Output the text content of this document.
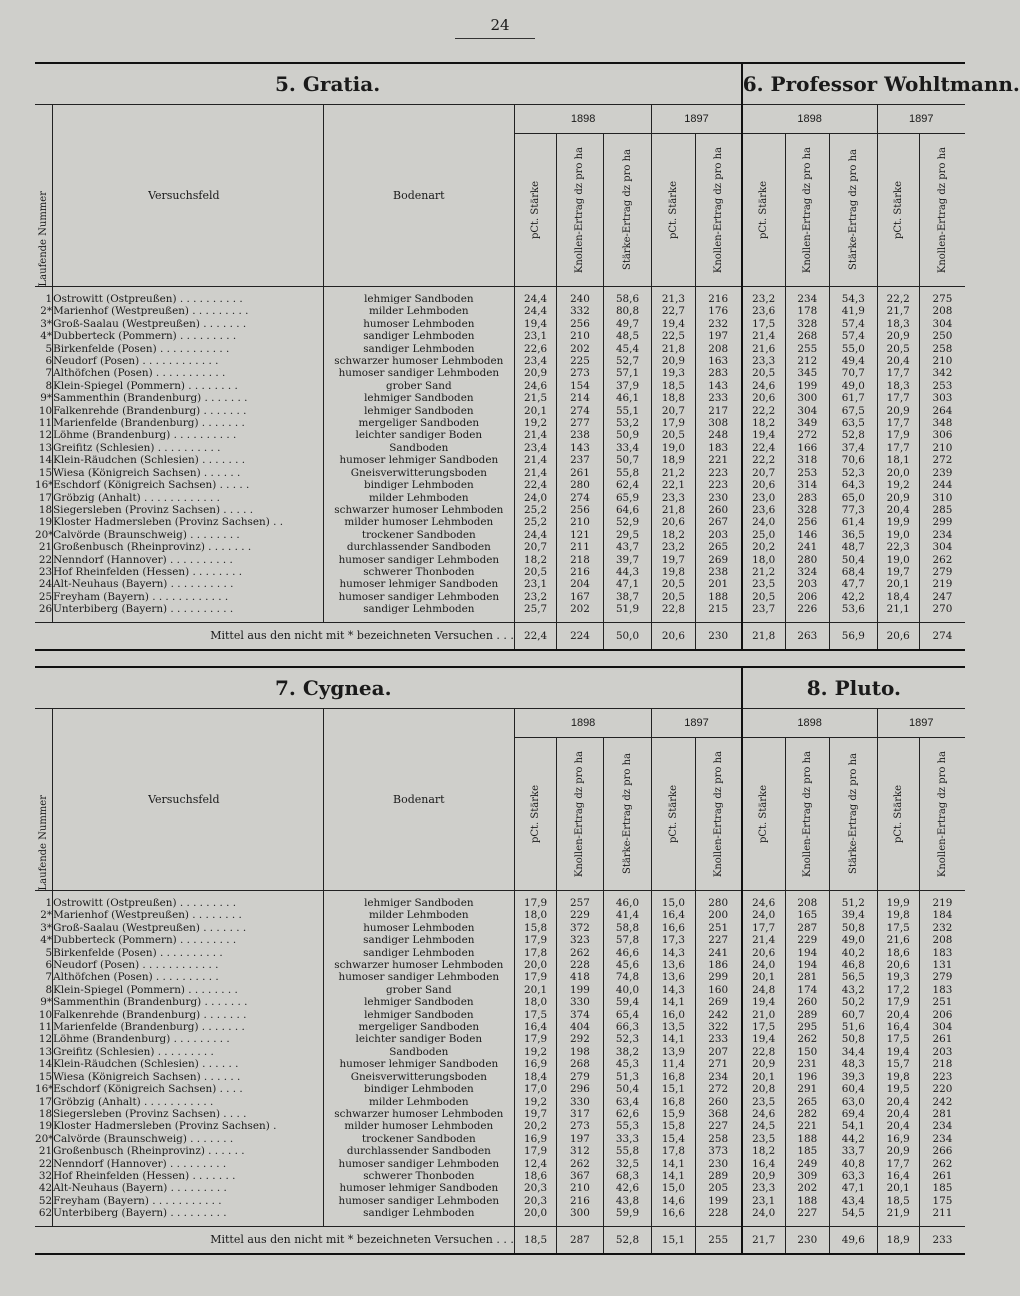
24
5. Gratia.								6. Professor Wohltmann.				

Laufende Nummer	Versuchsfeld	Bodenart	1898			1897		1898			1897	

			pCt. Stärke	Knollen-Ertrag dz pro ha	Stärke-Ertrag dz pro ha	pCt. Stärke	Knollen-Ertrag dz pro ha	pCt. Stärke	Knollen-Ertrag dz pro ha	Stärke-Ertrag dz pro ha	pCt. Stärke	Knollen-Ertrag dz pro ha

1	Ostrowitt (Ostpreußen) . . . . . . . . . .	lehmiger Sandboden	24,4	240	58,6	21,3	216	23,2	234	54,3	22,2	275
2*	Marienhof (Westpreußen) . . . . . . . . .	milder Lehmboden	24,4	332	80,8	22,7	176	23,6	178	41,9	21,7	208
3*	Groß-Saalau (Westpreußen) . . . . . . .	humoser Lehmboden	19,4	256	49,7	19,4	232	17,5	328	57,4	18,3	304
4*	Dubberteck (Pommern) . . . . . . . . .	sandiger Lehmboden	23,1	210	48,5	22,5	197	21,4	268	57,4	20,9	250
5	Birkenfelde (Posen) . . . . . . . . . . .	sandiger Lehmboden	22,6	202	45,4	21,8	208	21,6	255	55,0	20,5	258
6	Neudorf (Posen) . . . . . . . . . . . .	schwarzer humoser Lehmboden	23,4	225	52,7	20,9	163	23,3	212	49,4	20,4	210
7	Althöfchen (Posen) . . . . . . . . . . .	humoser sandiger Lehmboden	20,9	273	57,1	19,3	283	20,5	345	70,7	17,7	342
8	Klein-Spiegel (Pommern) . . . . . . . .	grober Sand	24,6	154	37,9	18,5	143	24,6	199	49,0	18,3	253
9*	Sammenthin (Brandenburg) . . . . . . .	lehmiger Sandboden	21,5	214	46,1	18,8	233	20,6	300	61,7	17,7	303
10	Falkenrehde (Brandenburg) . . . . . . .	lehmiger Sandboden	20,1	274	55,1	20,7	217	22,2	304	67,5	20,9	264
11	Marienfelde (Brandenburg) . . . . . . .	mergeliger Sandboden	19,2	277	53,2	17,9	308	18,2	349	63,5	17,7	348
12	Löhme (Brandenburg) . . . . . . . . . .	leichter sandiger Boden	21,4	238	50,9	20,5	248	19,4	272	52,8	17,9	306
13	Greifitz (Schlesien) . . . . . . . . . .	Sandboden	23,4	143	33,4	19,0	183	22,4	166	37,4	17,7	210
14	Klein-Räudchen (Schlesien) . . . . . . .	humoser lehmiger Sandboden	21,4	237	50,7	18,9	221	22,2	318	70,6	18,1	272
15	Wiesa (Königreich Sachsen) . . . . . .	Gneisverwitterungsboden	21,4	261	55,8	21,2	223	20,7	253	52,3	20,0	239
16*	Eschdorf (Königreich Sachsen) . . . . .	bindiger Lehmboden	22,4	280	62,4	22,1	223	20,6	314	64,3	19,2	244
17	Gröbzig (Anhalt) . . . . . . . . . . . .	milder Lehmboden	24,0	274	65,9	23,3	230	23,0	283	65,0	20,9	310
18	Siegersleben (Provinz Sachsen) . . . . .	schwarzer humoser Lehmboden	25,2	256	64,6	21,8	260	23,6	328	77,3	20,4	285
19	Kloster Hadmersleben (Provinz Sachsen) . .	milder humoser Lehmboden	25,2	210	52,9	20,6	267	24,0	256	61,4	19,9	299
20*	Calvörde (Braunschweig) . . . . . . . .	trockener Sandboden	24,4	121	29,5	18,2	203	25,0	146	36,5	19,0	234
21	Großenbusch (Rheinprovinz) . . . . . . .	durchlassender Sandboden	20,7	211	43,7	23,2	265	20,2	241	48,7	22,3	304
22	Nenndorf (Hannover) . . . . . . . . . .	humoser sandiger Lehmboden	18,2	218	39,7	19,7	269	18,0	280	50,4	19,0	262
23	Hof Rheinfelden (Hessen) . . . . . . . .	schwerer Thonboden	20,5	216	44,3	19,8	238	21,2	324	68,4	19,7	279
24	Alt-Neuhaus (Bayern) . . . . . . . . . .	humoser lehmiger Sandboden	23,1	204	47,1	20,5	201	23,5	203	47,7	20,1	219
25	Freyham (Bayern) . . . . . . . . . . . .	humoser sandiger Lehmboden	23,2	167	38,7	20,5	188	20,5	206	42,2	18,4	247
26	Unterbiberg (Bayern) . . . . . . . . . .	sandiger Lehmboden	25,7	202	51,9	22,8	215	23,7	226	53,6	21,1	270

Mittel aus den nicht mit * bezeichneten Versuchen . . .			22,4	224	50,0	20,6	230	21,8	263	56,9	20,6	274
7. Cygnea.								8. Pluto.				

Laufende Nummer	Versuchsfeld	Bodenart	1898			1897		1898			1897	

			pCt. Stärke	Knollen-Ertrag dz pro ha	Stärke-Ertrag dz pro ha	pCt. Stärke	Knollen-Ertrag dz pro ha	pCt. Stärke	Knollen-Ertrag dz pro ha	Stärke-Ertrag dz pro ha	pCt. Stärke	Knollen-Ertrag dz pro ha

1	Ostrowitt (Ostpreußen) . . . . . . . . .	lehmiger Sandboden	17,9	257	46,0	15,0	280	24,6	208	51,2	19,9	219
2*	Marienhof (Westpreußen) . . . . . . . .	milder Lehmboden	18,0	229	41,4	16,4	200	24,0	165	39,4	19,8	184
3*	Groß-Saalau (Westpreußen) . . . . . . .	humoser Lehmboden	15,8	372	58,8	16,6	251	17,7	287	50,8	17,5	232
4*	Dubberteck (Pommern) . . . . . . . . .	sandiger Lehmboden	17,9	323	57,8	17,3	227	21,4	229	49,0	21,6	208
5	Birkenfelde (Posen) . . . . . . . . . .	sandiger Lehmboden	17,8	262	46,6	14,3	241	20,6	194	40,2	18,6	183
6	Neudorf (Posen) . . . . . . . . . . . .	schwarzer humoser Lehmboden	20,0	228	45,6	13,6	186	24,0	194	46,8	20,6	131
7	Althöfchen (Posen) . . . . . . . . . .	humoser sandiger Lehmboden	17,9	418	74,8	13,6	299	20,1	281	56,5	19,3	279
8	Klein-Spiegel (Pommern) . . . . . . . .	grober Sand	20,1	199	40,0	14,3	160	24,8	174	43,2	17,2	183
9*	Sammenthin (Brandenburg) . . . . . . .	lehmiger Sandboden	18,0	330	59,4	14,1	269	19,4	260	50,2	17,9	251
10	Falkenrehde (Brandenburg) . . . . . . .	lehmiger Sandboden	17,5	374	65,4	16,0	242	21,0	289	60,7	20,4	206
11	Marienfelde (Brandenburg) . . . . . . .	mergeliger Sandboden	16,4	404	66,3	13,5	322	17,5	295	51,6	16,4	304
12	Löhme (Brandenburg) . . . . . . . . .	leichter sandiger Boden	17,9	292	52,3	14,1	233	19,4	262	50,8	17,5	261
13	Greifitz (Schlesien) . . . . . . . . .	Sandboden	19,2	198	38,2	13,9	207	22,8	150	34,4	19,4	203
14	Klein-Räudchen (Schlesien) . . . . . .	humoser lehmiger Sandboden	16,9	268	45,3	11,4	271	20,9	231	48,3	15,7	218
15	Wiesa (Königreich Sachsen) . . . . . .	Gneisverwitterungsboden	18,4	279	51,3	16,8	234	20,1	196	39,3	19,8	223
16*	Eschdorf (Königreich Sachsen) . . . .	bindiger Lehmboden	17,0	296	50,4	15,1	272	20,8	291	60,4	19,5	220
17	Gröbzig (Anhalt) . . . . . . . . . . .	milder Lehmboden	19,2	330	63,4	16,8	260	23,5	265	63,0	20,4	242
18	Siegersleben (Provinz Sachsen) . . . .	schwarzer humoser Lehmboden	19,7	317	62,6	15,9	368	24,6	282	69,4	20,4	281
19	Kloster Hadmersleben (Provinz Sachsen) .	milder humoser Lehmboden	20,2	273	55,3	15,8	227	24,5	221	54,1	20,4	234
20*	Calvörde (Braunschweig) . . . . . . .	trockener Sandboden	16,9	197	33,3	15,4	258	23,5	188	44,2	16,9	234
21	Großenbusch (Rheinprovinz) . . . . . .	durchlassender Sandboden	17,9	312	55,8	17,8	373	18,2	185	33,7	20,9	266
22	Nenndorf (Hannover) . . . . . . . . .	humoser sandiger Lehmboden	12,4	262	32,5	14,1	230	16,4	249	40,8	17,7	262
32	Hof Rheinfelden (Hessen) . . . . . . .	schwerer Thonboden	18,6	367	68,3	14,1	289	20,9	309	63,3	16,4	261
42	Alt-Neuhaus (Bayern) . . . . . . . . .	humoser lehmiger Sandboden	20,3	210	42,6	15,0	205	23,3	202	47,1	20,1	185
52	Freyham (Bayern) . . . . . . . . . . .	humoser sandiger Lehmboden	20,3	216	43,8	14,6	199	23,1	188	43,4	18,5	175
62	Unterbiberg (Bayern) . . . . . . . . .	sandiger Lehmboden	20,0	300	59,9	16,6	228	24,0	227	54,5	21,9	211

Mittel aus den nicht mit * bezeichneten Versuchen . . .			18,5	287	52,8	15,1	255	21,7	230	49,6	18,9	233
